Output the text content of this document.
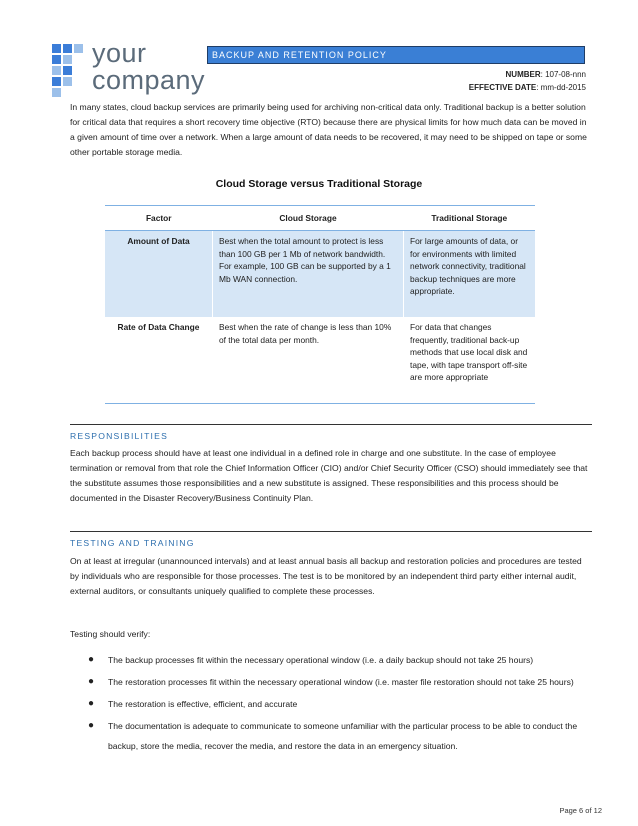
your
company
BACKUP AND RETENTION POLICY
NUMBER: 107-08-nnn
EFFECTIVE DATE: mm-dd-2015
In many states, cloud backup services are primarily being used for archiving non-critical data only. Traditional backup is a better solution for critical data that requires a short recovery time objective (RTO) because there are physical limits for how much data can be moved in a given amount of time over a network. When a large amount of data needs to be recovered, it may need to be shipped on tape or some other portable storage media.
Cloud Storage versus Traditional Storage
Factor	Cloud Storage	Traditional Storage
Amount of Data	Best when the total amount to protect is less than 100 GB per 1 Mb of network bandwidth. For example, 100 GB can be supported by a 1 Mb WAN connection.	For large amounts of data, or for environments with limited network connectivity, traditional backup techniques are more appropriate.
Rate of Data Change	Best when the rate of change is less than 10% of the total data per month.	For data that changes frequently, traditional back-up methods that use local disk and tape, with tape transport off-site are more appropriate
RESPONSIBILITIES
Each backup process should have at least one individual in a defined role in charge and one substitute. In the case of employee termination or removal from that role the Chief Information Officer (CIO) and/or Chief Security Officer (CSO) should immediately see that the substitute assumes those responsibilities and a new substitute is assigned. These responsibilities and this process should be documented in the Disaster Recovery/Business Continuity Plan.
TESTING AND TRAINING
On at least at irregular (unannounced intervals) and at least annual basis all backup and restoration policies and procedures are tested by individuals who are responsible for those processes. The test is to be monitored by an independent third party either internal audit, external auditors, or consultants uniquely qualified to complete these processes.
Testing should verify:
● The backup processes fit within the necessary operational window (i.e. a daily backup should not take 25 hours)
● The restoration processes fit within the necessary operational window (i.e. master file restoration should not take 25 hours)
● The restoration is effective, efficient, and accurate
● The documentation is adequate to communicate to someone unfamiliar with the particular process to be able to conduct the backup, store the media, recover the media, and restore the data in an emergency situation.
Page 6 of 12
